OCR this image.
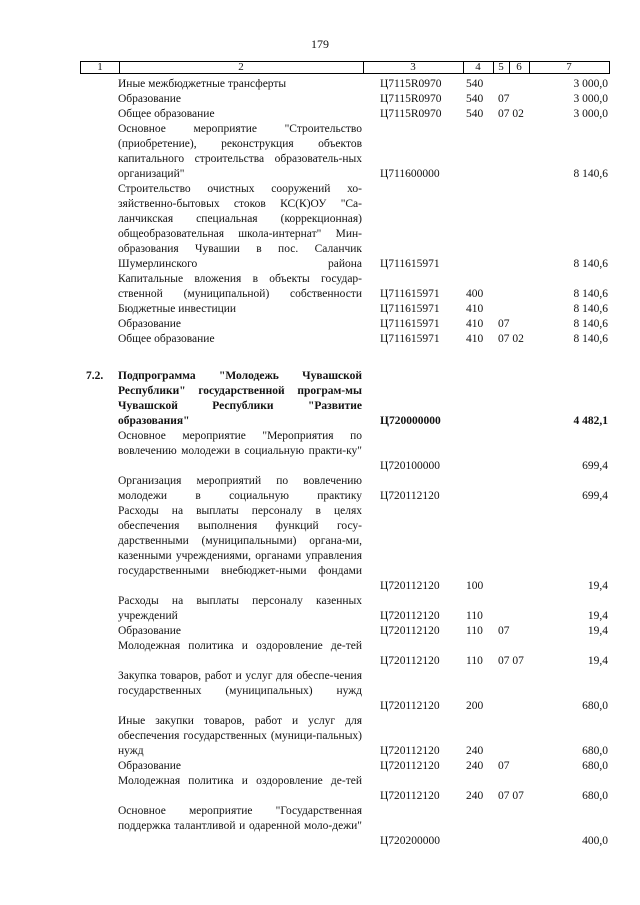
179
1	2	3	4	5	6	7
Иные межбюджетные трансферты	Ц7115R0970 540	3 000,0
Образование	Ц7115R0970 540 07	3 000,0
Общее образование	Ц7115R0970 540 07 02	3 000,0
Основное мероприятие "Строительство (приобретение), реконструкция объектов капитального строительства образователь-ных организаций"	Ц711600000	8 140,6
Строительство очистных сооружений хо-зяйственно-бытовых стоков КС(К)ОУ "Са-ланчикская специальная (коррекционная) общеобразовательная школа-интернат" Мин-образования Чувашии в пос. Саланчик Шумерлинского района Ц711615971	8 140,6
Капитальные вложения в объекты государ-ственной (муниципальной) собственности Ц711615971 400	8 140,6
Бюджетные инвестиции	Ц711615971 410	8 140,6
Образование	Ц711615971 410 07	8 140,6
Общее образование	Ц711615971 410 07 02	8 140,6
7.2. Подпрограмма "Молодежь Чувашской Республики" государственной програм-мы Чувашской Республики "Развитие образования"	Ц720000000	4 482,1
Основное мероприятие "Мероприятия по вовлечению молодежи в социальную практи-ку"
Ц720100000	699,4
Организация мероприятий по вовлечению молодежи в социальную практику Ц720112120	699,4
Расходы на выплаты персоналу в целях обеспечения выполнения функций госу-дарственными (муниципальными) органа-ми, казенными учреждениями, органами управления государственными внебюджет-ными фондами
Ц720112120 100	19,4
Расходы на выплаты персоналу казенных учреждений	Ц720112120 110	19,4
Образование	Ц720112120 110 07	19,4
Молодежная политика и оздоровление де-тей
Ц720112120 110 07 07	19,4
Закупка товаров, работ и услуг для обеспе-чения государственных (муниципальных) нужд
Ц720112120 200	680,0
Иные закупки товаров, работ и услуг для обеспечения государственных (муници-пальных) нужд	Ц720112120 240	680,0
Образование	Ц720112120 240 07	680,0
Молодежная политика и оздоровление де-тей
Ц720112120 240 07 07	680,0
Основное мероприятие "Государственная поддержка талантливой и одаренной моло-дежи"
Ц720200000	400,0
